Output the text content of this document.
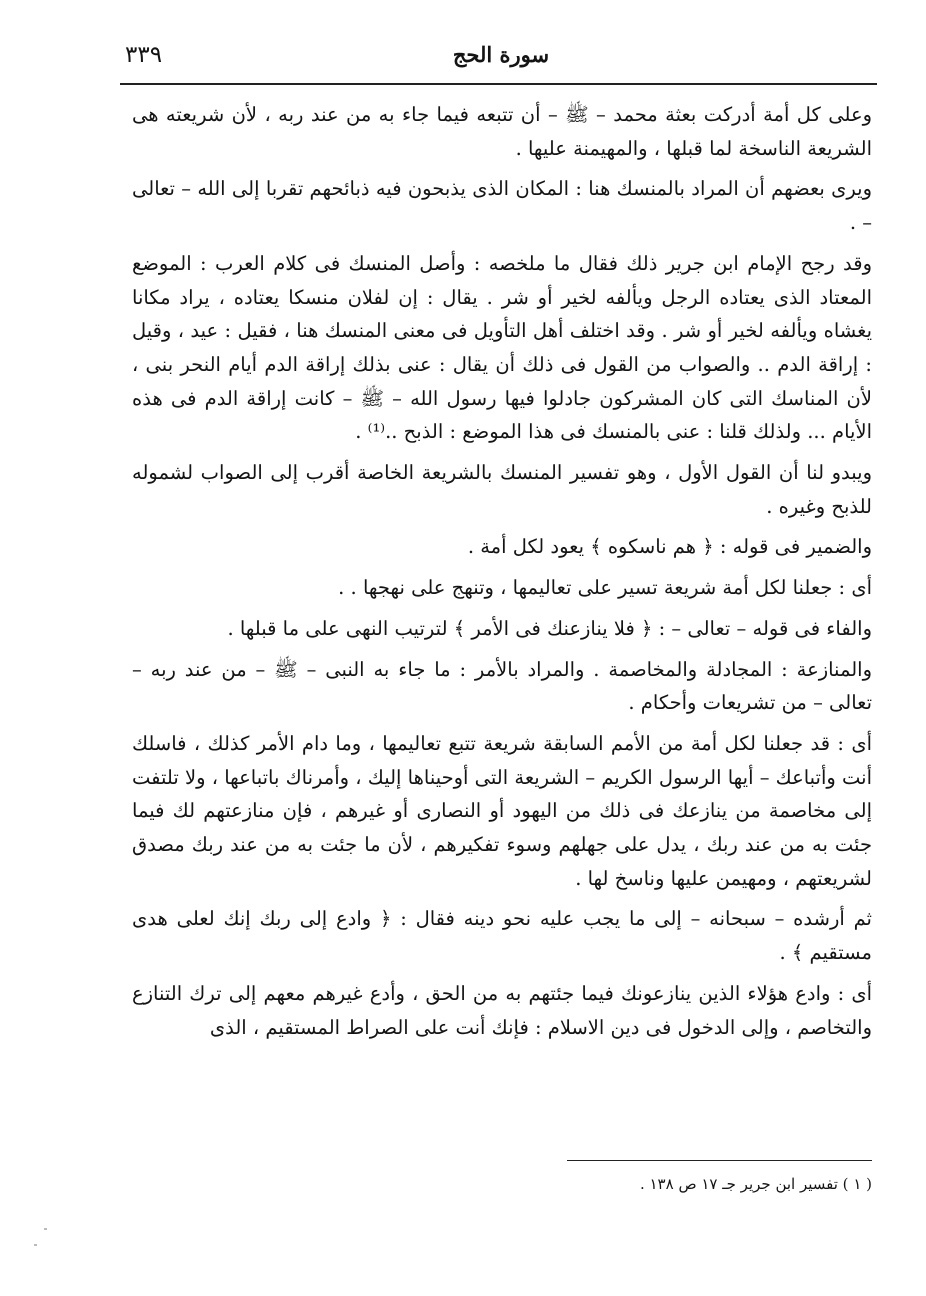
٣٣٩	سورة الحج

وعلى كل أمة أدركت بعثة محمد – ﷺ – أن تتبعه فيما جاء به من عند ربه ، لأن شريعته هى الشريعة الناسخة لما قبلها ، والمهيمنة عليها .

ويرى بعضهم أن المراد بالمنسك هنا : المكان الذى يذبحون فيه ذبائحهم تقربا إلى الله – تعالى – .

وقد رجح الإمام ابن جرير ذلك فقال ما ملخصه : وأصل المنسك فى كلام العرب : الموضع المعتاد الذى يعتاده الرجل ويألفه لخير أو شر . يقال : إن لفلان منسكا يعتاده ، يراد مكانا يغشاه ويألفه لخير أو شر . وقد اختلف أهل التأويل فى معنى المنسك هنا ، فقيل : عيد ، وقيل : إراقة الدم .. والصواب من القول فى ذلك أن يقال : عنى بذلك إراقة الدم أيام النحر بنى ، لأن المناسك التى كان المشركون جادلوا فيها رسول الله – ﷺ – كانت إراقة الدم فى هذه الأيام ... ولذلك قلنا : عنى بالمنسك فى هذا الموضع : الذبح ..⁽¹⁾ .

ويبدو لنا أن القول الأول ، وهو تفسير المنسك بالشريعة الخاصة أقرب إلى الصواب لشموله للذبح وغيره .

والضمير فى قوله : ﴿ هم ناسكوه ﴾ يعود لكل أمة .

أى : جعلنا لكل أمة شريعة تسير على تعاليمها ، وتنهج على نهجها . .

والفاء فى قوله – تعالى – : ﴿ فلا ينازعنك فى الأمر ﴾ لترتيب النهى على ما قبلها .

والمنازعة : المجادلة والمخاصمة . والمراد بالأمر : ما جاء به النبى – ﷺ – من عند ربه – تعالى – من تشريعات وأحكام .

أى : قد جعلنا لكل أمة من الأمم السابقة شريعة تتبع تعاليمها ، وما دام الأمر كذلك ، فاسلك أنت وأتباعك – أيها الرسول الكريم – الشريعة التى أوحيناها إليك ، وأمرناك باتباعها ، ولا تلتفت إلى مخاصمة من ينازعك فى ذلك من اليهود أو النصارى أو غيرهم ، فإن منازعتهم لك فيما جئت به من عند ربك ، يدل على جهلهم وسوء تفكيرهم ، لأن ما جئت به من عند ربك مصدق لشريعتهم ، ومهيمن عليها وناسخ لها .

ثم أرشده – سبحانه – إلى ما يجب عليه نحو دينه فقال : ﴿ وادع إلى ربك إنك لعلى هدى مستقيم ﴾ .

أى : وادع هؤلاء الذين ينازعونك فيما جئتهم به من الحق ، وأدع غيرهم معهم إلى ترك التنازع والتخاصم ، وإلى الدخول فى دين الاسلام : فإنك أنت على الصراط المستقيم ، الذى

( ١ ) تفسير ابن جرير جـ ١٧ ص ١٣٨ .
